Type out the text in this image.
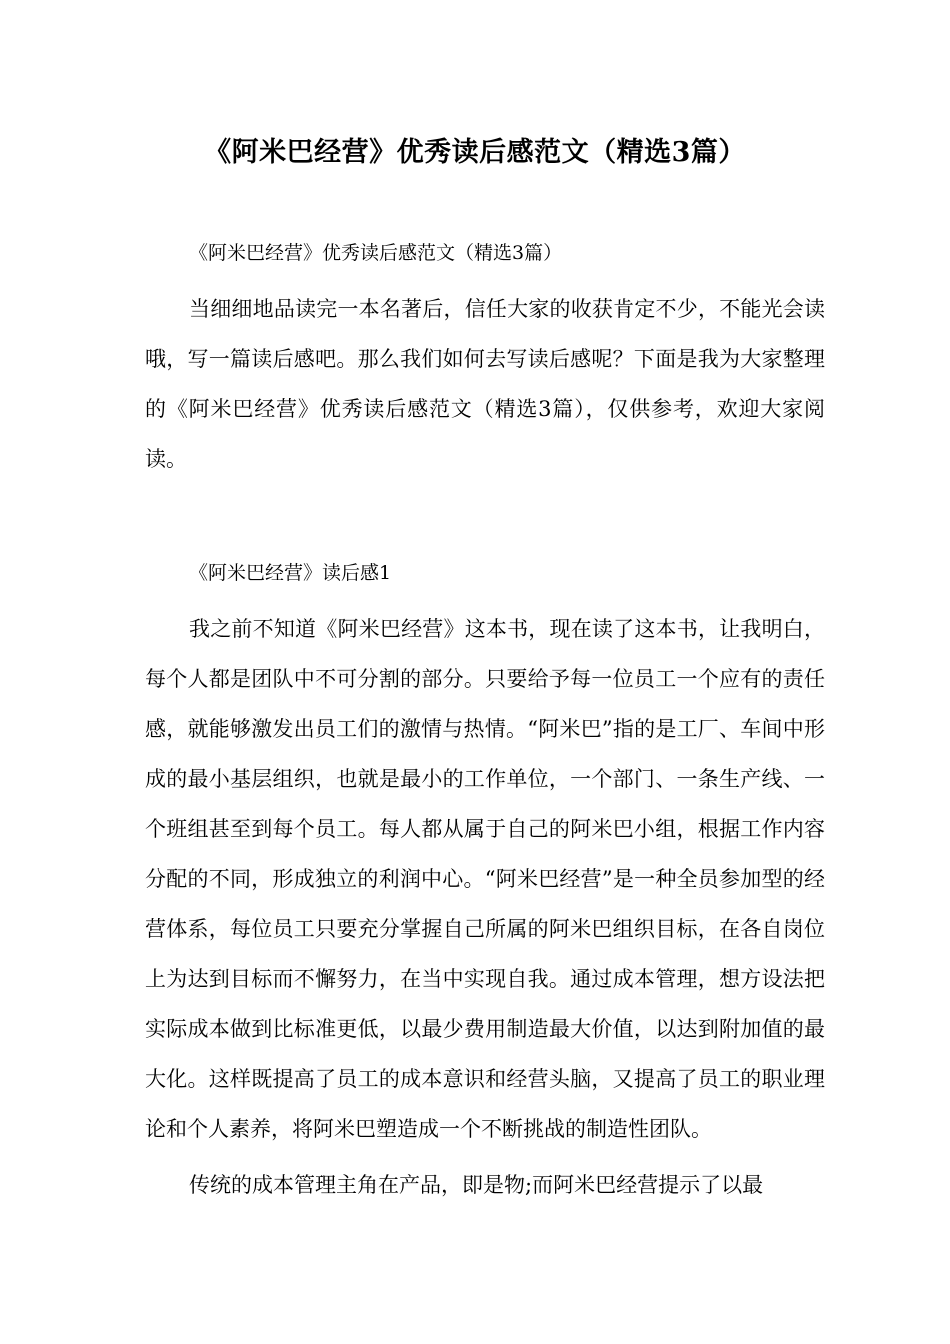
《阿米巴经营》优秀读后感范文（精选3篇）

《阿米巴经营》优秀读后感范文（精选3篇）

当细细地品读完一本名著后，信任大家的收获肯定不少，不能光会读哦，写一篇读后感吧。那么我们如何去写读后感呢？下面是我为大家整理的《阿米巴经营》优秀读后感范文（精选3篇），仅供参考，欢迎大家阅读。

《阿米巴经营》读后感1

我之前不知道《阿米巴经营》这本书，现在读了这本书，让我明白，每个人都是团队中不可分割的部分。只要给予每一位员工一个应有的责任感，就能够激发出员工们的激情与热情。“阿米巴”指的是工厂、车间中形成的最小基层组织，也就是最小的工作单位，一个部门、一条生产线、一个班组甚至到每个员工。每人都从属于自己的阿米巴小组，根据工作内容分配的不同，形成独立的利润中心。“阿米巴经营”是一种全员参加型的经营体系，每位员工只要充分掌握自己所属的阿米巴组织目标，在各自岗位上为达到目标而不懈努力，在当中实现自我。通过成本管理，想方设法把实际成本做到比标准更低，以最少费用制造最大价值，以达到附加值的最大化。这样既提高了员工的成本意识和经营头脑，又提高了员工的职业理论和个人素养，将阿米巴塑造成一个不断挑战的制造性团队。

传统的成本管理主角在产品，即是物;而阿米巴经营提示了以最
